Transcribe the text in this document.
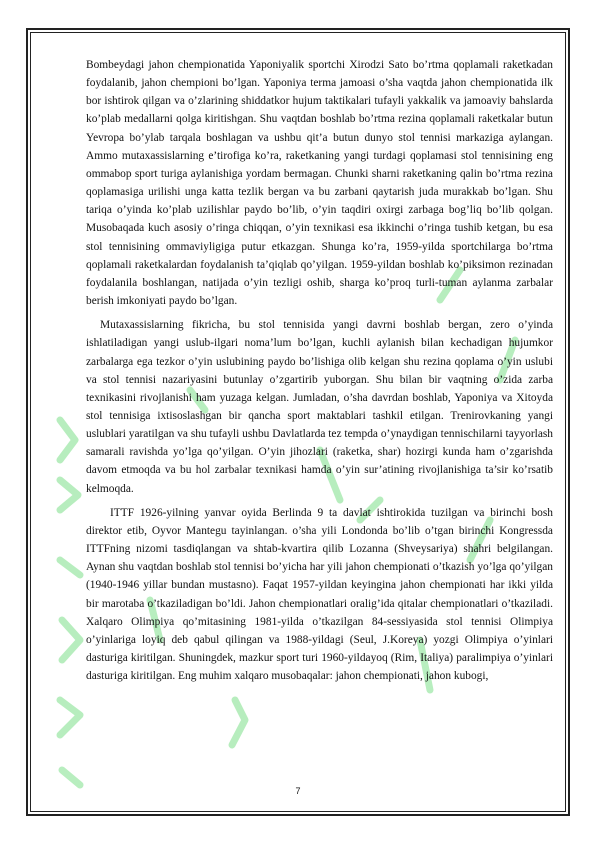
Bombeydagi jahon chempionatida Yaponiyalik sportchi Xirodzi Sato bo’rtma qoplamali raketkadan foydalanib, jahon chempioni bo’lgan. Yaponiya terma jamoasi o’sha vaqtda jahon chempionatida ilk bor ishtirok qilgan va o’zlarining shiddatkor hujum taktikalari tufayli yakkalik va jamoaviy bahslarda ko’plab medallarni qolga kiritishgan. Shu vaqtdan boshlab bo’rtma rezina qoplamali raketkalar butun Yevropa bo’ylab tarqala boshlagan va ushbu qit’a butun dunyo stol tennisi markaziga aylangan. Ammo mutaxassislarning e’tirofiga ko’ra, raketkaning yangi turdagi qoplamasi stol tennisining eng ommabop sport turiga aylanishiga yordam bermagan. Chunki sharni raketkaning qalin bo’rtma rezina qoplamasiga urilishi unga katta tezlik bergan va bu zarbani qaytarish juda murakkab bo’lgan. Shu tariqa o’yinda ko’plab uzilishlar paydo bo’lib, o’yin taqdiri oxirgi zarbaga bog’liq bo’lib qolgan. Musobaqada kuch asosiy o’ringa chiqqan, o’yin texnikasi esa ikkinchi o’ringa tushib ketgan, bu esa stol tennisining ommaviyligiga putur etkazgan. Shunga ko’ra, 1959-yilda sportchilarga bo’rtma qoplamali raketkalardan foydalanish ta’qiqlab qo’yilgan. 1959-yildan boshlab ko’piksimon rezinadan foydalanila boshlangan, natijada o’yin tezligi oshib, sharga ko’proq turli-tuman aylanma zarbalar berish imkoniyati paydo bo’lgan.

Mutaxassislarning fikricha, bu stol tennisida yangi davrni boshlab bergan, zero o’yinda ishlatiladigan yangi uslub-ilgari noma’lum bo’lgan, kuchli aylanish bilan kechadigan hujumkor zarbalarga ega tezkor o’yin uslubining paydo bo’lishiga olib kelgan shu rezina qoplama o’yin uslubi va stol tennisi nazariyasini butunlay o’zgartirib yuborgan. Shu bilan bir vaqtning o’zida zarba texnikasini rivojlanishi ham yuzaga kelgan. Jumladan, o’sha davrdan boshlab, Yaponiya va Xitoyda stol tennisiga ixtisoslashgan bir qancha sport maktablari tashkil etilgan. Trenirovkaning yangi uslublari yaratilgan va shu tufayli ushbu Davlatlarda tez tempda o’ynaydigan tennischilarni tayyorlash samarali ravishda yo’lga qo’yilgan. O’yin jihozlari (raketka, shar) hozirgi kunda ham o’zgarishda davom etmoqda va bu hol zarbalar texnikasi hamda o’yin sur’atining rivojlanishiga ta’sir ko’rsatib kelmoqda.

ITTF 1926-yilning yanvar oyida Berlinda 9 ta davlat ishtirokida tuzilgan va birinchi bosh direktor etib, Oyvor Mantegu tayinlangan. o’sha yili Londonda bo’lib o’tgan birinchi Kongressda ITTFning nizomi tasdiqlangan va shtab-kvartira qilib Lozanna (Shveysariya) shahri belgilangan. Aynan shu vaqtdan boshlab stol tennisi bo’yicha har yili jahon chempionati o’tkazish yo’lga qo’yilgan (1940-1946 yillar bundan mustasno). Faqat 1957-yildan keyingina jahon chempionati har ikki yilda bir marotaba o’tkaziladigan bo’ldi. Jahon chempionatlari oralig’ida qitalar chempionatlari o’tkaziladi. Xalqaro Olimpiya qo’mitasining 1981-yilda o’tkazilgan 84-sessiyasida stol tennisi Olimpiya o’yinlariga loyiq deb qabul qilingan va 1988-yildagi (Seul, J.Koreya) yozgi Olimpiya o’yinlari dasturiga kiritilgan. Shuningdek, mazkur sport turi 1960-yildayoq (Rim, Italiya) paralimpiya o’yinlari dasturiga kiritilgan. Eng muhim xalqaro musobaqalar: jahon chempionati, jahon kubogi,

7
